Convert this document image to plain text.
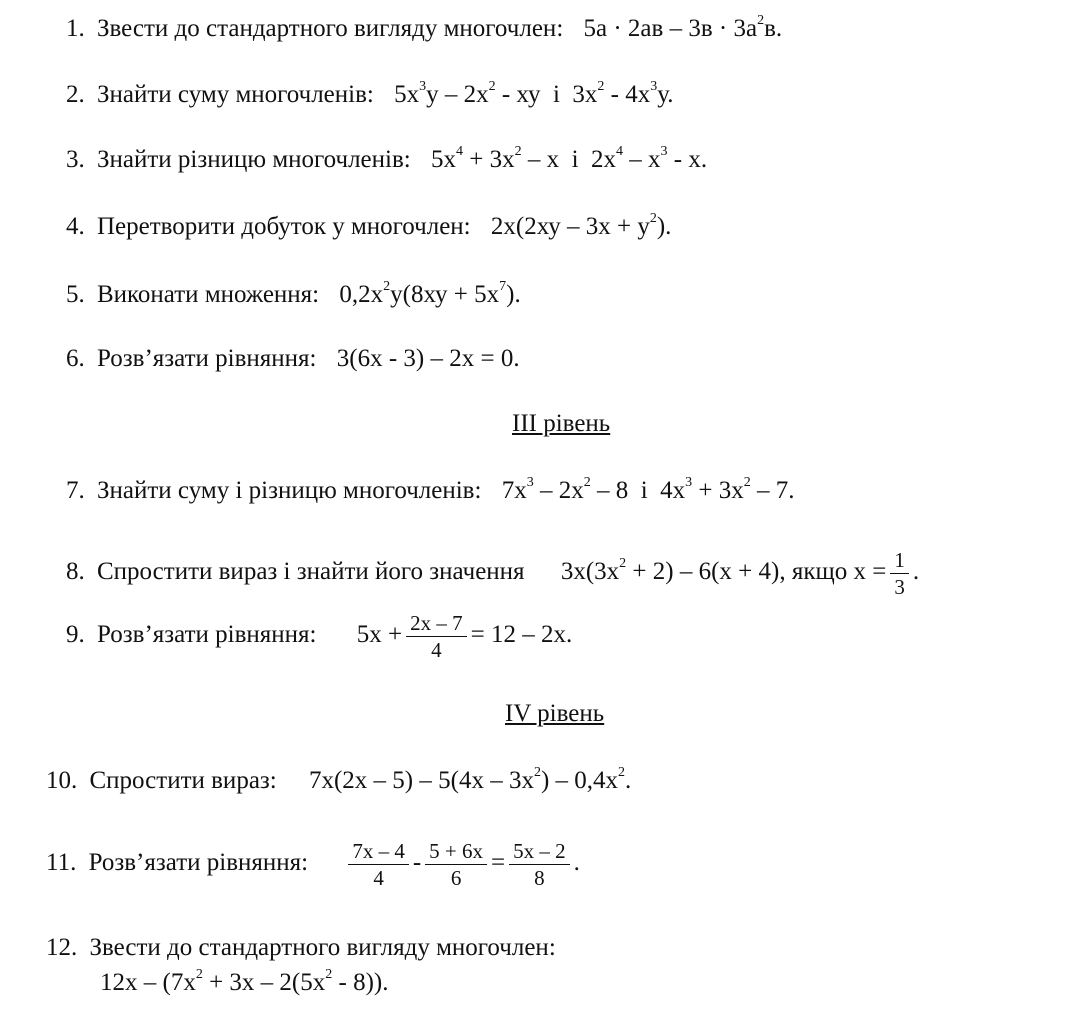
1. Звести до стандартного вигляду многочлен: $5а \cdot 2ав - 3в \cdot 3а^2в$.
2. Знайти суму многочленів: $5х^3у - 2х^2$ - ху і $3х^2 - 4х^3у$.
3. Знайти різницю многочленів: $5х^4 + 3х^2 - х$ і $2х^4 - х^3$ - х.
4. Перетворити добуток у многочлен: $2х(2ху - 3х + у^2)$.
5. Виконати множення: $0,2х^2у(8ху + 5х^7)$.
6. Розв’язати рівняння: 3(6х - 3) – 2х = 0.
ІІІ рівень
7. Знайти суму і різницю многочленів: $7х^3 - 2х^2 - 8$ і $4х^3 + 3х^2 - 7$.
8. Спростити вираз і знайти його значення $3х(3х^2 + 2) - 6(х + 4)$, якщо $х = \frac{1}{3}$ .
9. Розв’язати рівняння: $5х + \frac{2x - 7}{4} = 12 - 2х$.
ІV рівень
10. Спростити вираз: $7х(2х - 5) - 5(4х - 3х^2) - 0,4х^2$.
11. Розв’язати рівняння: $\frac{7x - 4}{4} - \frac{5 + 6x}{6} = \frac{5x - 2}{8}$ .
12. Звести до стандартного вигляду многочлен:
$12х - (7х^2 + 3х - 2(5х^2 - 8))$.
